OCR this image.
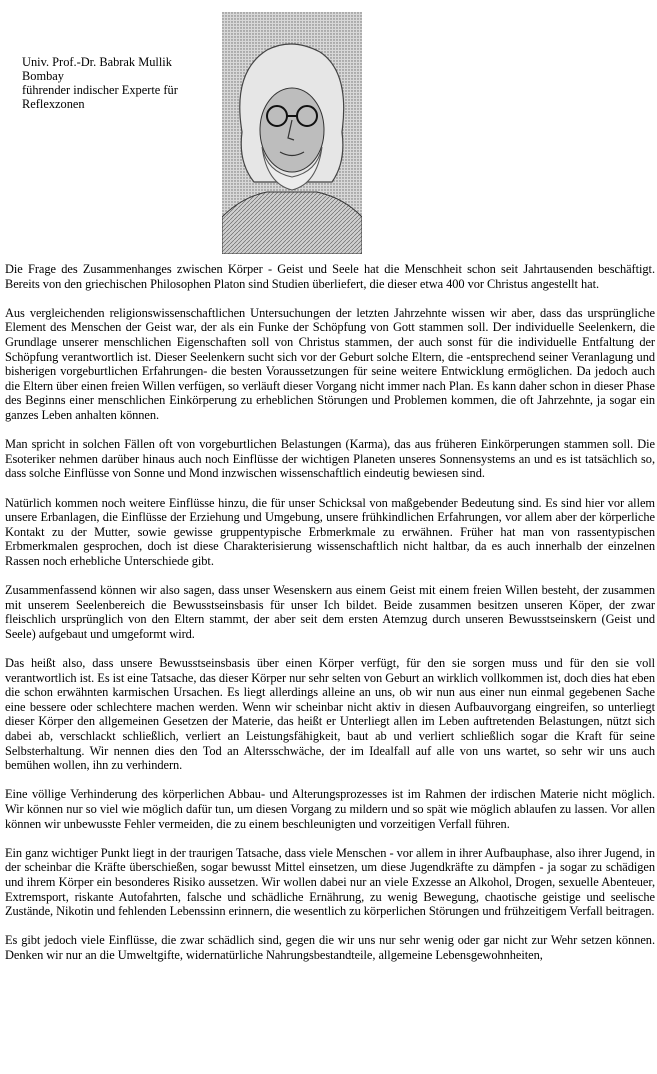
Univ. Prof.-Dr. Babrak Mullik
Bombay
führender indischer Experte für
Reflexzonen

Die Frage des Zusammenhanges zwischen Körper - Geist und Seele hat die Menschheit schon seit Jahrtausenden beschäftigt. Bereits von den griechischen Philosophen Platon sind Studien überliefert, die dieser etwa 400 vor Christus angestellt hat.

Aus vergleichenden religionswissenschaftlichen Untersuchungen der letzten Jahrzehnte wissen wir aber, dass das ursprüngliche Element des Menschen der Geist war, der als ein Funke der Schöpfung von Gott stammen soll. Der individuelle Seelenkern, die Grundlage unserer menschlichen Eigenschaften soll von Christus stammen, der auch sonst für die individuelle Entfaltung der Schöpfung verantwortlich ist. Dieser Seelenkern sucht sich vor der Geburt solche Eltern, die -entsprechend seiner Veranlagung und bisherigen vorgeburtlichen Erfahrungen- die besten Voraussetzungen für seine weitere Entwicklung ermöglichen. Da jedoch auch die Eltern über einen freien Willen verfügen, so verläuft dieser Vorgang nicht immer nach Plan. Es kann daher schon in dieser Phase des Beginns einer menschlichen Einkörperung zu erheblichen Störungen und Problemen kommen, die oft Jahrzehnte, ja sogar ein ganzes Leben anhalten können.

Man spricht in solchen Fällen oft von vorgeburtlichen Belastungen (Karma), das aus früheren Einkörperungen stammen soll. Die Esoteriker nehmen darüber hinaus auch noch Einflüsse der wichtigen Planeten unseres Sonnensystems an und es ist tatsächlich so, dass solche Einflüsse von Sonne und Mond inzwischen wissenschaftlich eindeutig bewiesen sind.

Natürlich kommen noch weitere Einflüsse hinzu, die für unser Schicksal von maßgebender Bedeutung sind. Es sind hier vor allem unsere Erbanlagen, die Einflüsse der Erziehung und Umgebung, unsere frühkindlichen Erfahrungen, vor allem aber der körperliche Kontakt zu der Mutter, sowie gewisse gruppentypische Erbmerkmale zu erwähnen. Früher hat man von rassentypischen Erbmerkmalen gesprochen, doch ist diese Charakterisierung wissenschaftlich nicht haltbar, da es auch innerhalb der einzelnen Rassen noch erhebliche Unterschiede gibt.

Zusammenfassend können wir also sagen, dass unser Wesenskern aus einem Geist mit einem freien Willen besteht, der zusammen mit unserem Seelenbereich die Bewusstseinsbasis für unser Ich bildet. Beide zusammen besitzen unseren Köper, der zwar fleischlich ursprünglich von den Eltern stammt, der aber seit dem ersten Atemzug durch unseren Bewusstseinskern (Geist und Seele) aufgebaut und umgeformt wird.

Das heißt also, dass unsere Bewusstseinsbasis über einen Körper verfügt, für den sie sorgen muss und für den sie voll verantwortlich ist. Es ist eine Tatsache, das dieser Körper nur sehr selten von Geburt an wirklich vollkommen ist, doch dies hat eben die schon erwähnten karmischen Ursachen. Es liegt allerdings alleine an uns, ob wir nun aus einer nun einmal gegebenen Sache eine bessere oder schlechtere machen werden. Wenn wir scheinbar nicht aktiv in diesen Aufbauvorgang eingreifen, so unterliegt dieser Körper den allgemeinen Gesetzen der Materie, das heißt er Unterliegt allen im Leben auftretenden Belastungen, nützt sich dabei ab, verschlackt schließlich, verliert an Leistungsfähigkeit, baut ab und verliert schließlich sogar die Kraft für seine Selbsterhaltung. Wir nennen dies den Tod an Altersschwäche, der im Idealfall auf alle von uns wartet, so sehr wir uns auch bemühen wollen, ihn zu verhindern.

Eine völlige Verhinderung des körperlichen Abbau- und Alterungsprozesses ist im Rahmen der irdischen Materie nicht möglich. Wir können nur so viel wie möglich dafür tun, um diesen Vorgang zu mildern und so spät wie möglich ablaufen zu lassen. Vor allen können wir unbewusste Fehler vermeiden, die zu einem beschleunigten und vorzeitigen Verfall führen.

Ein ganz wichtiger Punkt liegt in der traurigen Tatsache, dass viele Menschen - vor allem in ihrer Aufbauphase, also ihrer Jugend, in der scheinbar die Kräfte überschießen, sogar bewusst Mittel einsetzen, um diese Jugendkräfte zu dämpfen - ja sogar zu schädigen und ihrem Körper ein besonderes Risiko aussetzen. Wir wollen dabei nur an viele Exzesse an Alkohol, Drogen, sexuelle Abenteuer, Extremsport, riskante Autofahrten, falsche und schädliche Ernährung, zu wenig Bewegung, chaotische geistige und seelische Zustände, Nikotin und fehlenden Lebenssinn erinnern, die wesentlich zu körperlichen Störungen und frühzeitigem Verfall beitragen.

Es gibt jedoch viele Einflüsse, die zwar schädlich sind, gegen die wir uns nur sehr wenig oder gar nicht zur Wehr setzen können. Denken wir nur an die Umweltgifte, widernatürliche Nahrungsbestandteile, allgemeine Lebensgewohnheiten,
